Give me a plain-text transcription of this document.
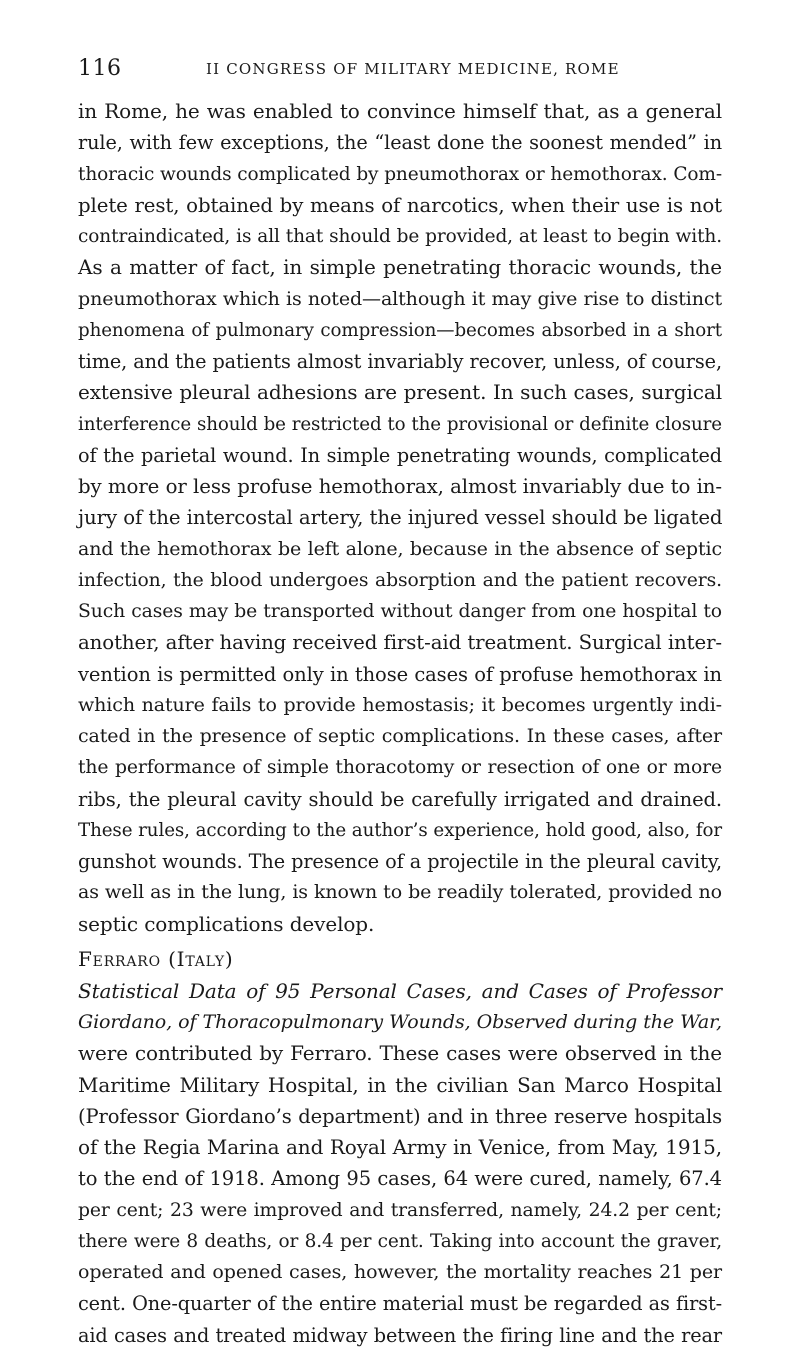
116	II CONGRESS OF MILITARY MEDICINE, ROME
in Rome, he was enabled to convince himself that, as a general
rule, with few exceptions, the “least done the soonest mended” in
thoracic wounds complicated by pneumothorax or hemothorax. Com-
plete rest, obtained by means of narcotics, when their use is not
contraindicated, is all that should be provided, at least to begin with.
As a matter of fact, in simple penetrating thoracic wounds, the
pneumothorax which is noted—although it may give rise to distinct
phenomena of pulmonary compression—becomes absorbed in a short
time, and the patients almost invariably recover, unless, of course,
extensive pleural adhesions are present. In such cases, surgical
interference should be restricted to the provisional or definite closure
of the parietal wound. In simple penetrating wounds, complicated
by more or less profuse hemothorax, almost invariably due to in-
jury of the intercostal artery, the injured vessel should be ligated
and the hemothorax be left alone, because in the absence of septic
infection, the blood undergoes absorption and the patient recovers.
Such cases may be transported without danger from one hospital to
another, after having received first-aid treatment. Surgical inter-
vention is permitted only in those cases of profuse hemothorax in
which nature fails to provide hemostasis; it becomes urgently indi-
cated in the presence of septic complications. In these cases, after
the performance of simple thoracotomy or resection of one or more
ribs, the pleural cavity should be carefully irrigated and drained.
These rules, according to the author’s experience, hold good, also, for
gunshot wounds. The presence of a projectile in the pleural cavity,
as well as in the lung, is known to be readily tolerated, provided no
septic complications develop.
Ferraro (Italy)
Statistical Data of 95 Personal Cases, and Cases of Professor
Giordano, of Thoracopulmonary Wounds, Observed during the War,
were contributed by Ferraro. These cases were observed in the
Maritime Military Hospital, in the civilian San Marco Hospital
(Professor Giordano’s department) and in three reserve hospitals
of the Regia Marina and Royal Army in Venice, from May, 1915,
to the end of 1918. Among 95 cases, 64 were cured, namely, 67.4
per cent; 23 were improved and transferred, namely, 24.2 per cent;
there were 8 deaths, or 8.4 per cent. Taking into account the graver,
operated and opened cases, however, the mortality reaches 21 per
cent. One-quarter of the entire material must be regarded as first-
aid cases and treated midway between the firing line and the rear
